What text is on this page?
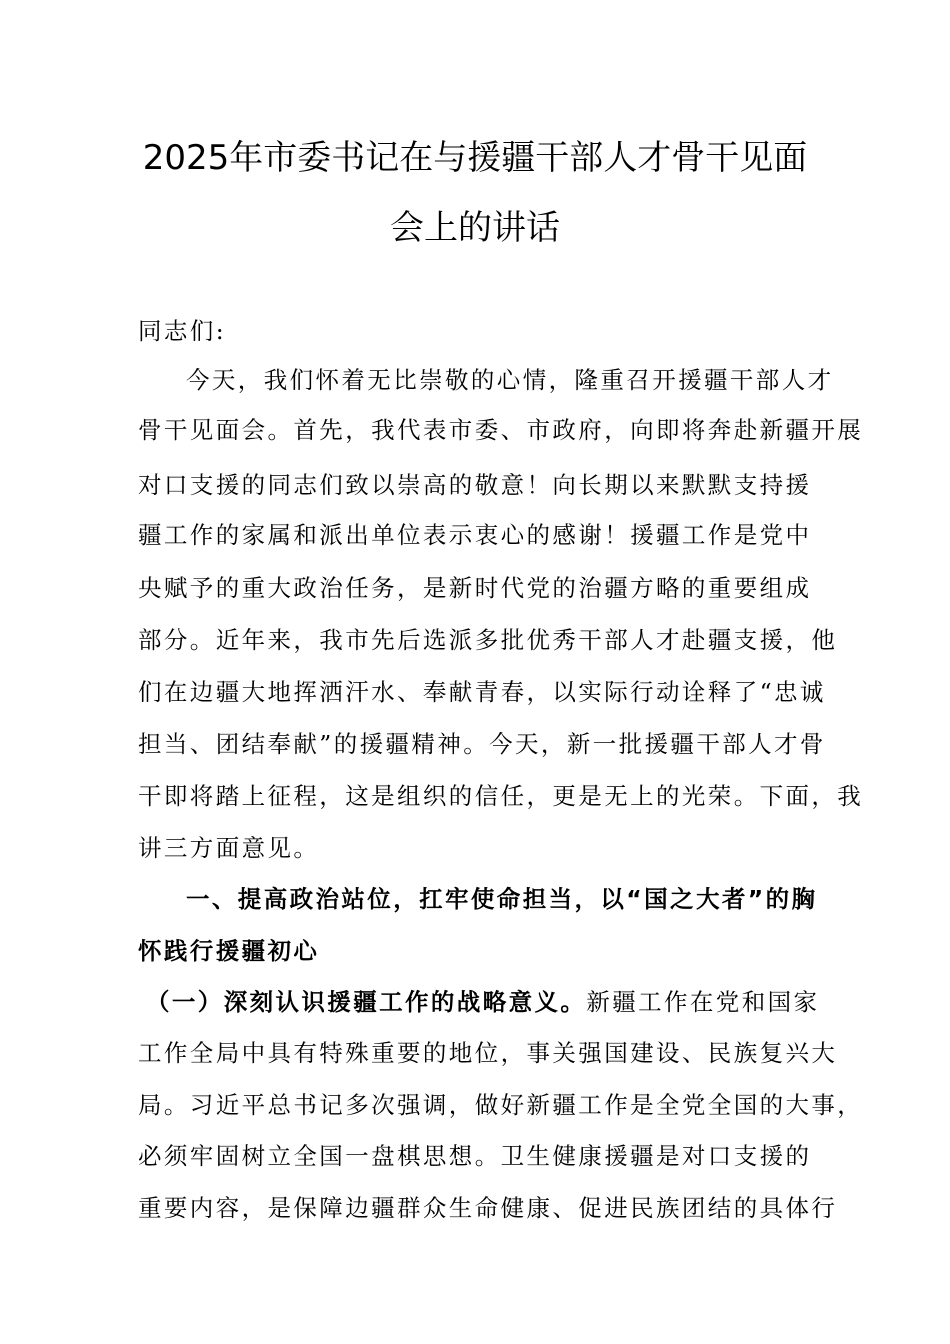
2025年市委书记在与援疆干部人才骨干见面
会上的讲话
同志们:
今天，我们怀着无比崇敬的心情，隆重召开援疆干部人才
骨干见面会。首先，我代表市委、市政府，向即将奔赴新疆开展
对口支援的同志们致以崇高的敬意！向长期以来默默支持援
疆工作的家属和派出单位表示衷心的感谢！援疆工作是党中
央赋予的重大政治任务，是新时代党的治疆方略的重要组成
部分。近年来，我市先后选派多批优秀干部人才赴疆支援，他
们在边疆大地挥洒汗水、奉献青春，以实际行动诠释了“忠诚
担当、团结奉献”的援疆精神。今天，新一批援疆干部人才骨
干即将踏上征程，这是组织的信任，更是无上的光荣。下面，我
讲三方面意见。
一、提高政治站位，扛牢使命担当，以“国之大者”的胸
怀践行援疆初心
（一）深刻认识援疆工作的战略意义。新疆工作在党和国家
工作全局中具有特殊重要的地位，事关强国建设、民族复兴大
局。习近平总书记多次强调，做好新疆工作是全党全国的大事，
必须牢固树立全国一盘棋思想。卫生健康援疆是对口支援的
重要内容，是保障边疆群众生命健康、促进民族团结的具体行
